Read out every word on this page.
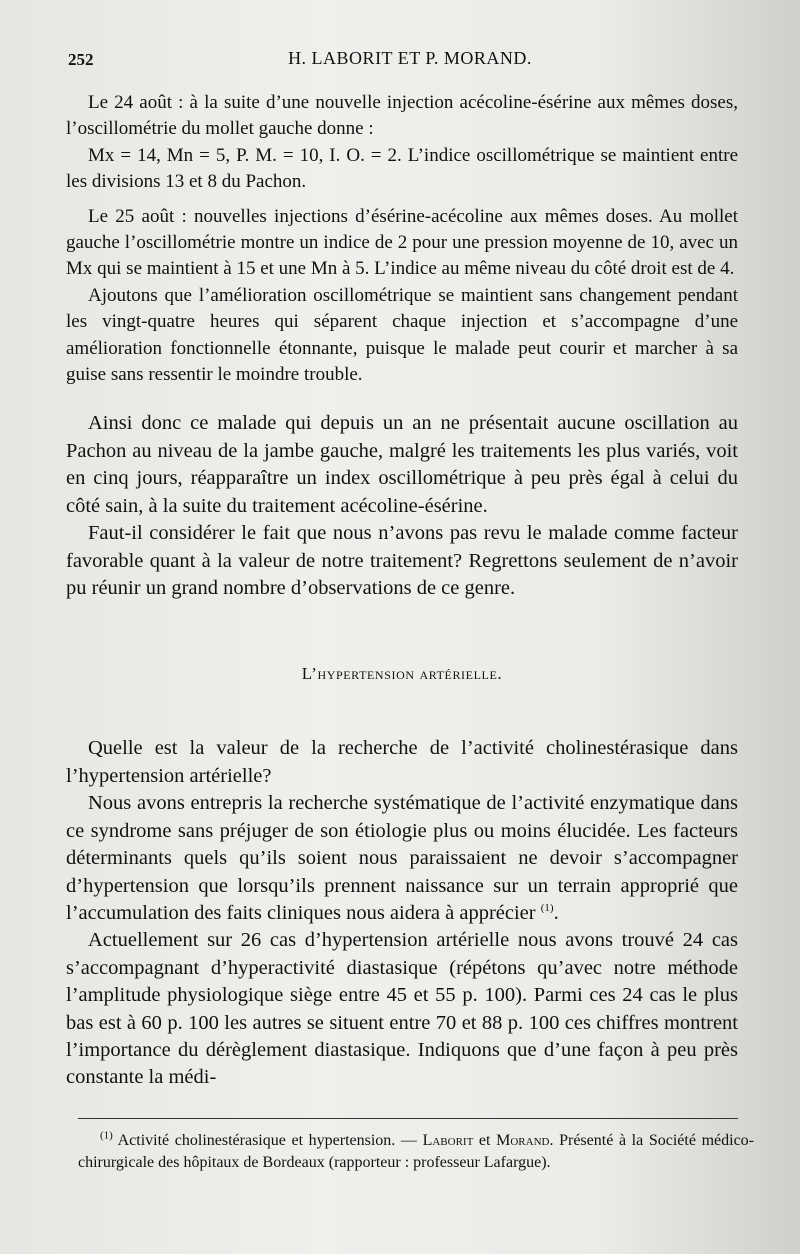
252	H. LABORIT ET P. MORAND.

Le 24 août : à la suite d’une nouvelle injection acécoline-ésérine aux mêmes doses, l’oscillométrie du mollet gauche donne :

Mx = 14, Mn = 5, P. M. = 10, I. O. = 2. L’indice oscillométrique se maintient entre les divisions 13 et 8 du Pachon.

Le 25 août : nouvelles injections d’ésérine-acécoline aux mêmes doses. Au mollet gauche l’oscillométrie montre un indice de 2 pour une pression moyenne de 10, avec un Mx qui se maintient à 15 et une Mn à 5. L’indice au même niveau du côté droit est de 4.

Ajoutons que l’amélioration oscillométrique se maintient sans changement pendant les vingt-quatre heures qui séparent chaque injection et s’accompagne d’une amélioration fonctionnelle étonnante, puisque le malade peut courir et marcher à sa guise sans ressentir le moindre trouble.

Ainsi donc ce malade qui depuis un an ne présentait aucune oscillation au Pachon au niveau de la jambe gauche, malgré les traitements les plus variés, voit en cinq jours, réapparaître un index oscillométrique à peu près égal à celui du côté sain, à la suite du traitement acécoline-ésérine.

Faut-il considérer le fait que nous n’avons pas revu le malade comme facteur favorable quant à la valeur de notre traitement? Regrettons seulement de n’avoir pu réunir un grand nombre d’observations de ce genre.

L’hypertension artérielle.

Quelle est la valeur de la recherche de l’activité cholinestérasique dans l’hypertension artérielle?

Nous avons entrepris la recherche systématique de l’activité enzymatique dans ce syndrome sans préjuger de son étiologie plus ou moins élucidée. Les facteurs déterminants quels qu’ils soient nous paraissaient ne devoir s’accompagner d’hypertension que lorsqu’ils prennent naissance sur un terrain approprié que l’accumulation des faits cliniques nous aidera à apprécier $^{(1)}$.

Actuellement sur 26 cas d’hypertension artérielle nous avons trouvé 24 cas s’accompagnant d’hyperactivité diastasique (répétons qu’avec notre méthode l’amplitude physiologique siège entre 45 et 55 p. 100). Parmi ces 24 cas le plus bas est à 60 p. 100 les autres se situent entre 70 et 88 p. 100 ces chiffres montrent l’importance du dérèglement diastasique. Indiquons que d’une façon à peu près constante la médi-

$^{(1)}$ Activité cholinestérasique et hypertension. — Laborit et Morand. Présenté à la Société médico-chirurgicale des hôpitaux de Bordeaux (rapporteur : professeur Lafargue).
